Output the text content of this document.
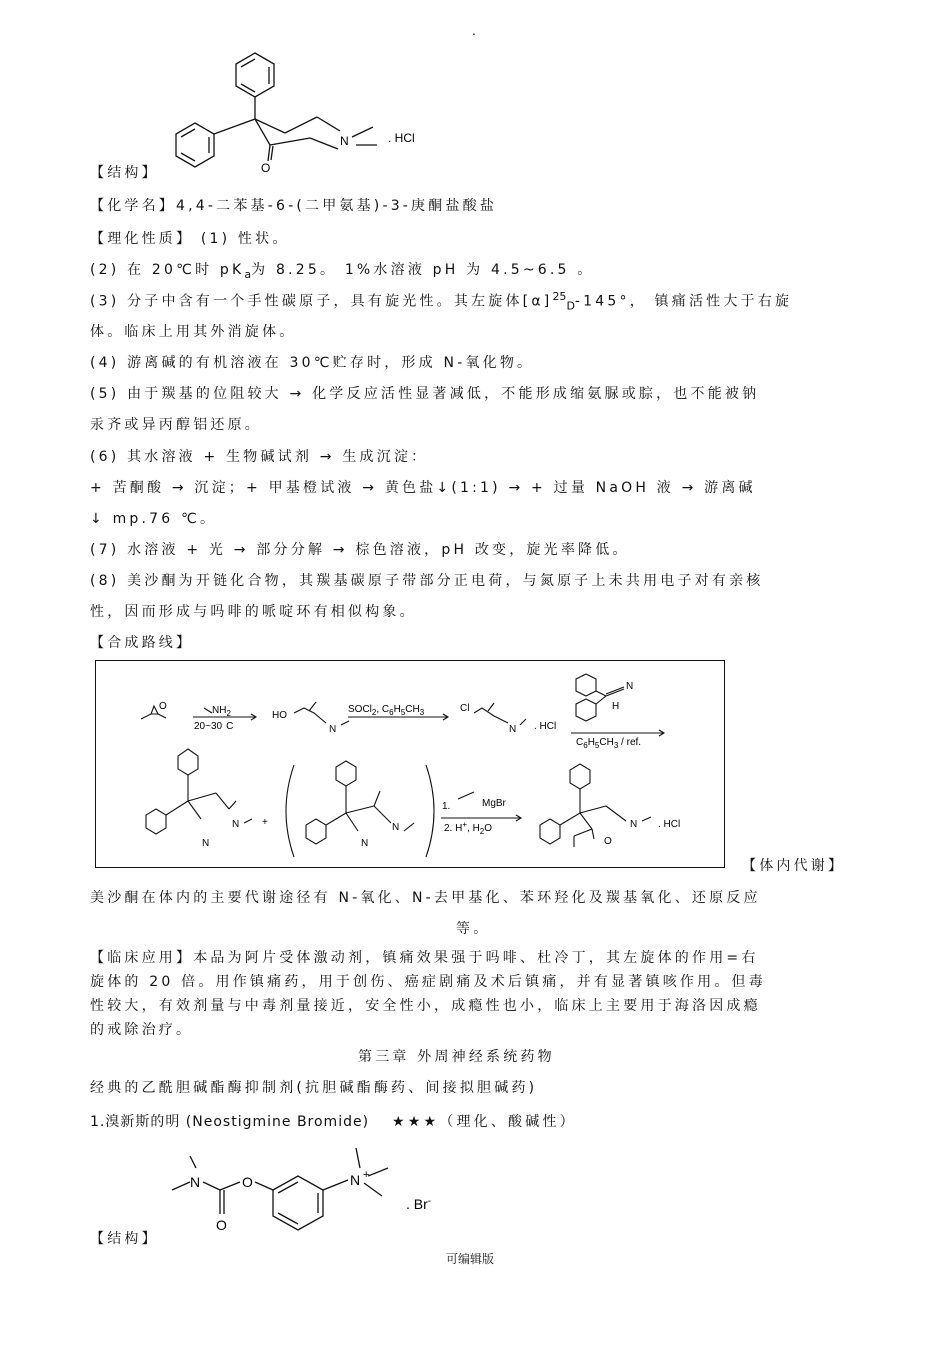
.
N
O
. HCl
【结构】
【化学名】4,4-二苯基-6-(二甲氨基)-3-庚酮盐酸盐
【理化性质】 (1) 性状。
(2) 在 20℃时 $pK_a$为 8.25。 1%水溶液 pH 为 4.5~6.5 。
(3) 分子中含有一个手性碳原子，具有旋光性。其左旋体$[\alpha]^{25}_D-145^\circ$， 镇痛活性大于右旋
体。临床上用其外消旋体。
(4) 游离碱的有机溶液在 30℃贮存时，形成 N-氧化物。
(5) 由于羰基的位阻较大 → 化学反应活性显著减低，不能形成缩氨脲或腙，也不能被钠
汞齐或异丙醇铝还原。
(6) 其水溶液 + 生物碱试剂 → 生成沉淀：
+ 苦酮酸 → 沉淀；+ 甲基橙试液 → 黄色盐↓(1:1) → + 过量 NaOH 液 → 游离碱
↓ mp.76 ℃。
(7) 水溶液 + 光 → 部分分解 → 棕色溶液，pH 改变，旋光率降低。
(8) 美沙酮为开链化合物，其羰基碳原子带部分正电荷，与氮原子上未共用电子对有亲核
性，因而形成与吗啡的哌啶环有相似构象。
【合成路线】
O	$NH_2$
20~30 C
HO
N
SOCl$_2$, $C_6H_5CH_3$	Cl
N . HCl
N
H
$C_6H_5CH_3$ / ref.
N
N
+	N
N
1.	MgBr
2. H+, $H_2O$
O
N . HCl
【体内代谢】
美沙酮在体内的主要代谢途径有 N-氧化、N-去甲基化、苯环羟化及羰基氧化、还原反应
等。
【临床应用】本品为阿片受体激动剂，镇痛效果强于吗啡、杜冷丁，其左旋体的作用=右
旋体的 20 倍。用作镇痛药，用于创伤、癌症剧痛及术后镇痛，并有显著镇咳作用。但毒
性较大，有效剂量与中毒剂量接近，安全性小，成瘾性也小，临床上主要用于海洛因成瘾
的戒除治疗。
第三章 外周神经系统药物
经典的乙酰胆碱酯酶抑制剂(抗胆碱酯酶药、间接拟胆碱药)
1.溴新斯的明 (Neostigmine Bromide) ★★★（理化、酸碱性）
N	O
O
N +
. Br-
【结构】
可编辑版
